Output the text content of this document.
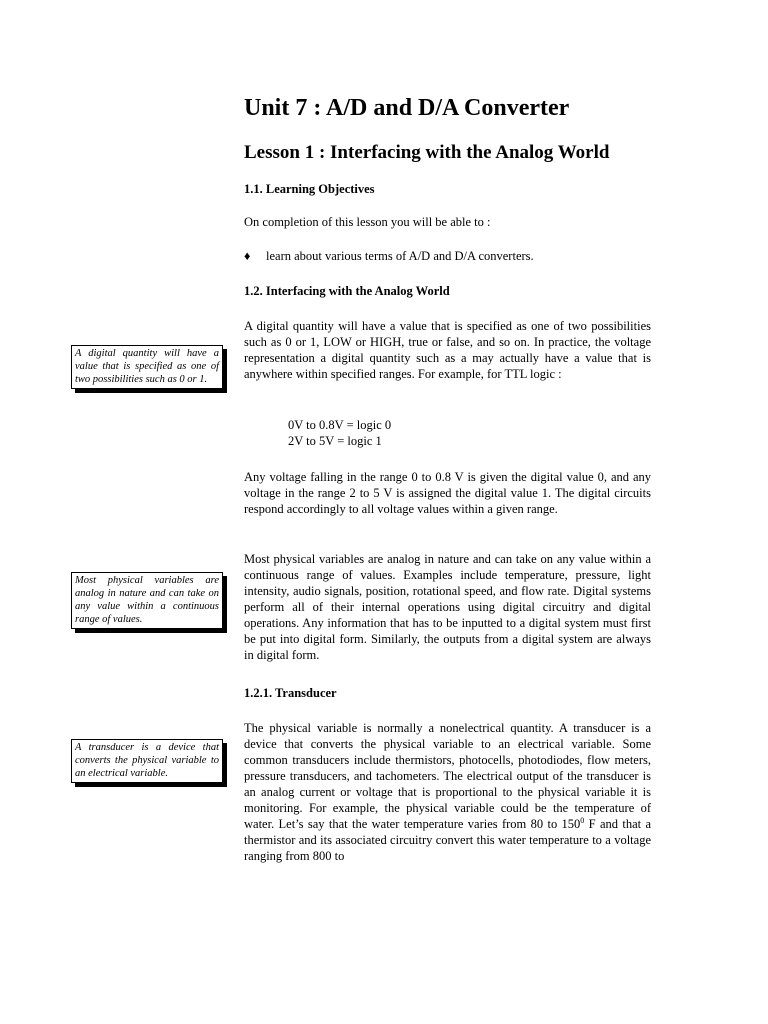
Unit 7 : A/D and D/A Converter
Lesson 1 : Interfacing with the Analog World
1.1. Learning Objectives
On completion of this lesson you will be able to :
♦ learn about various terms of A/D and D/A converters.
1.2. Interfacing with the Analog World
A digital quantity will have a value that is specified as one of two possibilities such as 0 or 1, LOW or HIGH, true or false, and so on. In practice, the voltage representation a digital quantity such as a may actually have a value that is anywhere within specified ranges. For example, for TTL logic :
0V to 0.8V = logic 0
2V to 5V = logic 1
Any voltage falling in the range 0 to 0.8 V is given the digital value 0, and any voltage in the range 2 to 5 V is assigned the digital value 1. The digital circuits respond accordingly to all voltage values within a given range.
Most physical variables are analog in nature and can take on any value within a continuous range of values. Examples include temperature, pressure, light intensity, audio signals, position, rotational speed, and flow rate. Digital systems perform all of their internal operations using digital circuitry and digital operations. Any information that has to be inputted to a digital system must first be put into digital form. Similarly, the outputs from a digital system are always in digital form.
1.2.1. Transducer
The physical variable is normally a nonelectrical quantity. A transducer is a device that converts the physical variable to an electrical variable. Some common transducers include thermistors, photocells, photodiodes, flow meters, pressure transducers, and tachometers. The electrical output of the transducer is an analog current or voltage that is proportional to the physical variable it is monitoring. For example, the physical variable could be the temperature of water. Let’s say that the water temperature varies from 80 to $150^0$ F and that a thermistor and its associated circuitry convert this water temperature to a voltage ranging from 800 to
A digital quantity will have a value that is specified as one of two possibilities such as 0 or 1.
Most physical variables are analog in nature and can take on any value within a continuous range of values.
A transducer is a device that converts the physical variable to an electrical variable.
